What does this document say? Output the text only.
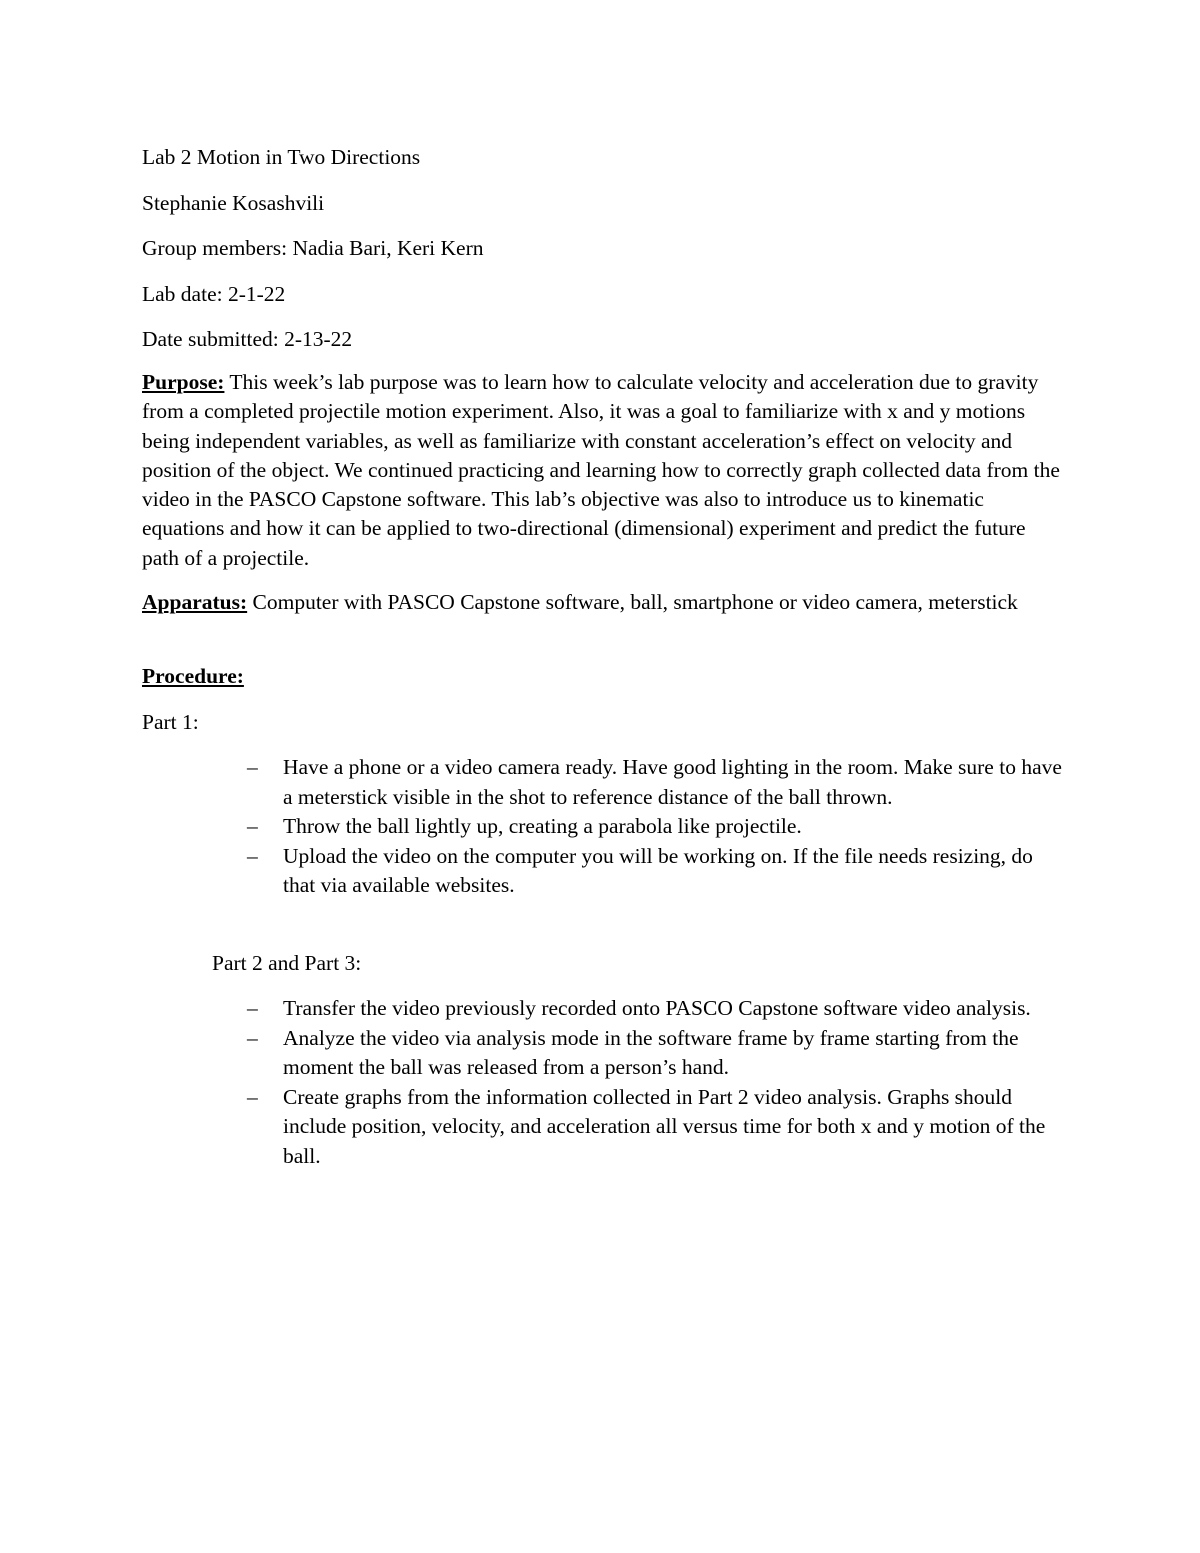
Lab 2 Motion in Two Directions
Stephanie Kosashvili
Group members: Nadia Bari, Keri Kern
Lab date: 2-1-22
Date submitted: 2-13-22

Purpose: This week’s lab purpose was to learn how to calculate velocity and acceleration due to gravity from a completed projectile motion experiment. Also, it was a goal to familiarize with x and y motions being independent variables, as well as familiarize with constant acceleration’s effect on velocity and position of the object. We continued practicing and learning how to correctly graph collected data from the video in the PASCO Capstone software. This lab’s objective was also to introduce us to kinematic equations and how it can be applied to two-directional (dimensional) experiment and predict the future path of a projectile.

Apparatus: Computer with PASCO Capstone software, ball, smartphone or video camera, meterstick

Procedure:
Part 1:
– Have a phone or a video camera ready. Have good lighting in the room. Make sure to have a meterstick visible in the shot to reference distance of the ball thrown.
– Throw the ball lightly up, creating a parabola like projectile.
– Upload the video on the computer you will be working on. If the file needs resizing, do that via available websites.
Part 2 and Part 3:
– Transfer the video previously recorded onto PASCO Capstone software video analysis.
– Analyze the video via analysis mode in the software frame by frame starting from the moment the ball was released from a person’s hand.
– Create graphs from the information collected in Part 2 video analysis. Graphs should include position, velocity, and acceleration all versus time for both x and y motion of the ball.
